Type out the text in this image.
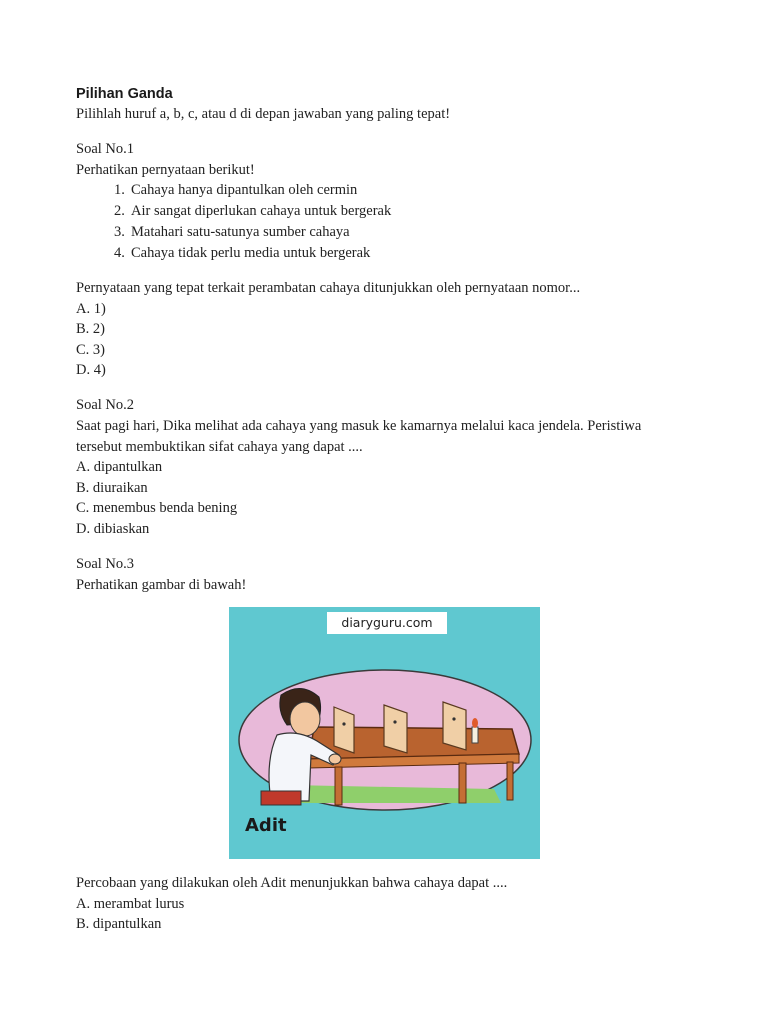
Pilihan Ganda

Pilihlah huruf a, b, c, atau d di depan jawaban yang paling tepat!

Soal No.1

Perhatikan pernyataan berikut!

1. Cahaya hanya dipantulkan oleh cermin
2. Air sangat diperlukan cahaya untuk bergerak
3. Matahari satu-satunya sumber cahaya
4. Cahaya tidak perlu media untuk bergerak

Pernyataan yang tepat terkait perambatan cahaya ditunjukkan oleh pernyataan nomor...

A. 1)

B. 2)

C. 3)

D. 4)

Soal No.2

Saat pagi hari, Dika melihat ada cahaya yang masuk ke kamarnya melalui kaca jendela. Peristiwa

tersebut membuktikan sifat cahaya yang dapat ....

A. dipantulkan

B. diuraikan

C. menembus benda bening

D. dibiaskan

Soal No.3

Perhatikan gambar di bawah!

diaryguru.com
Adit

Percobaan yang dilakukan oleh Adit menunjukkan bahwa cahaya dapat ....

A. merambat lurus

B. dipantulkan
